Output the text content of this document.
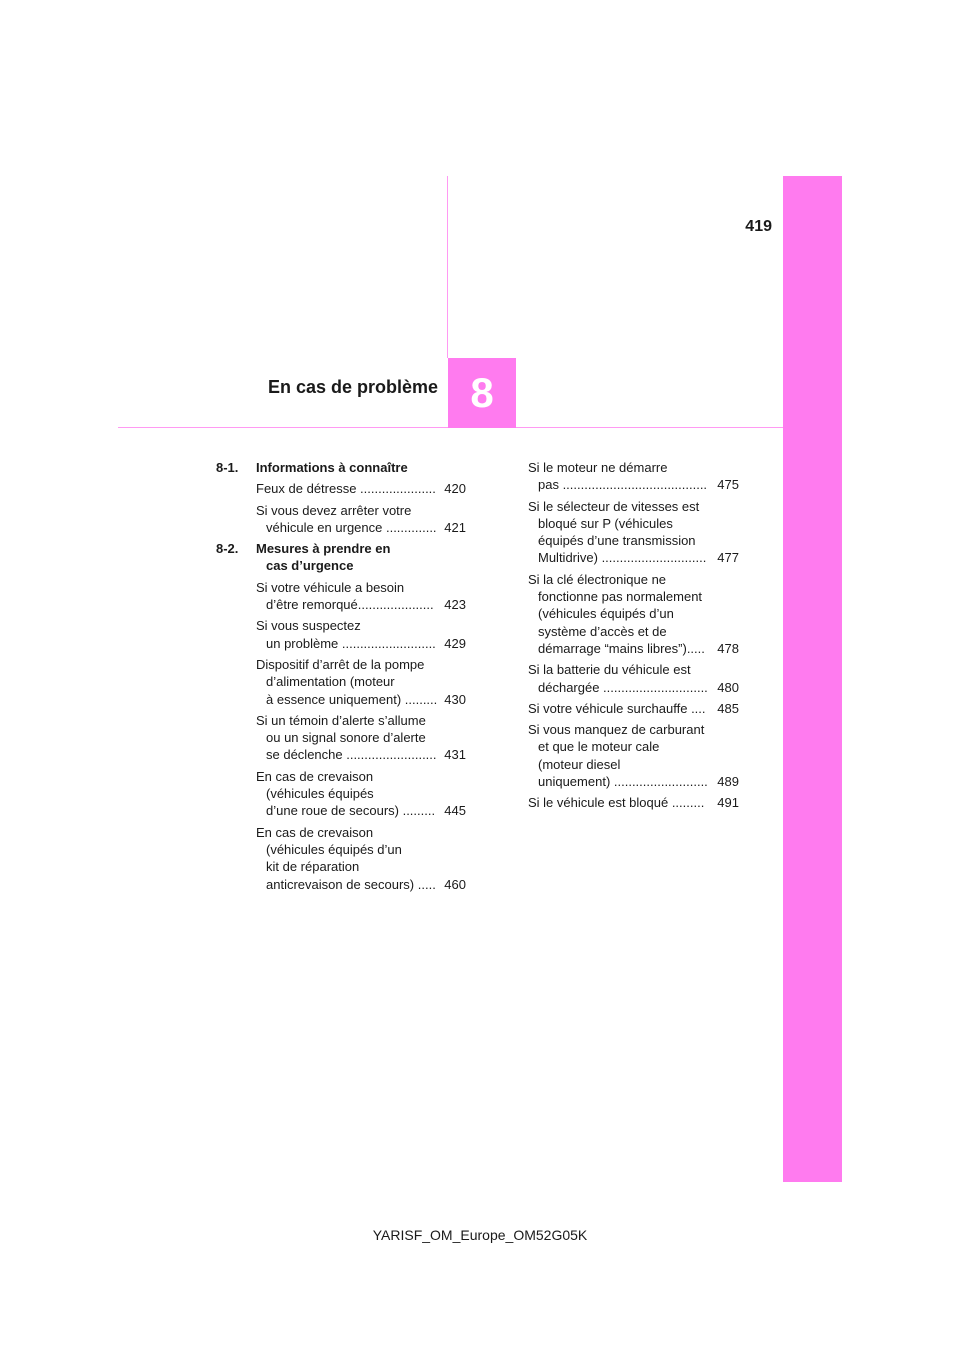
419
En cas de problème 8
8-1.	Informations à connaître
Feux de détresse ..................... 420
Si vous devez arrêter votre
véhicule en urgence .............. 421
8-2.	Mesures à prendre en
cas d’urgence
Si votre véhicule a besoin
d’être remorqué..................... 423
Si vous suspectez
un problème .......................... 429
Dispositif d’arrêt de la pompe
d’alimentation (moteur
à essence uniquement) ......... 430
Si un témoin d’alerte s’allume
ou un signal sonore d’alerte
se déclenche ......................... 431
En cas de crevaison
(véhicules équipés
d’une roue de secours) ......... 445
En cas de crevaison
(véhicules équipés d’un
kit de réparation
anticrevaison de secours) ..... 460
Si le moteur ne démarre
pas ........................................ 475
Si le sélecteur de vitesses est
bloqué sur P (véhicules
équipés d’une transmission
Multidrive) ............................. 477
Si la clé électronique ne
fonctionne pas normalement
(véhicules équipés d’un
système d’accès et de
démarrage “mains libres”)..... 478
Si la batterie du véhicule est
déchargée ............................. 480
Si votre véhicule surchauffe .... 485
Si vous manquez de carburant
et que le moteur cale
(moteur diesel
uniquement) .......................... 489
Si le véhicule est bloqué ......... 491
YARISF_OM_Europe_OM52G05K
